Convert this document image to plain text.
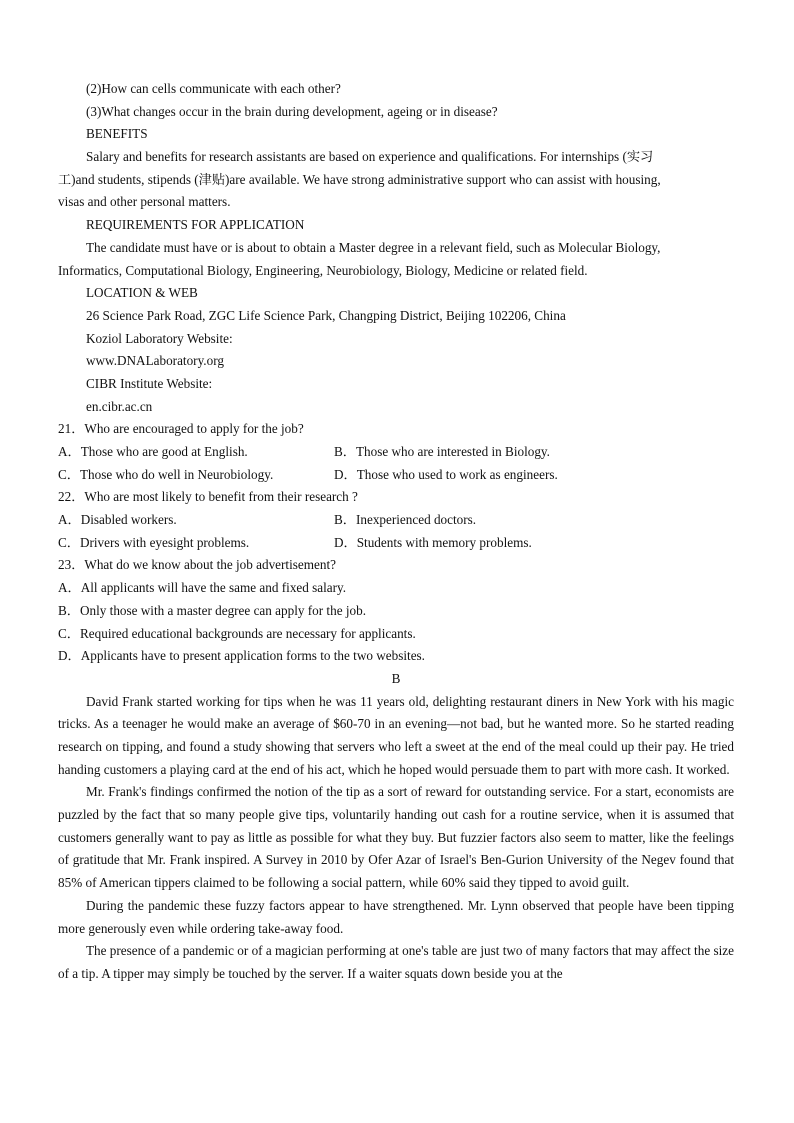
(2)How can cells communicate with each other?
(3)What changes occur in the brain during development, ageing or in disease?
BENEFITS
Salary and benefits for research assistants are based on experience and qualifications. For internships (实习
工)and students, stipends (津贴)are available. We have strong administrative support who can assist with housing,
visas and other personal matters.
REQUIREMENTS FOR APPLICATION
The candidate must have or is about to obtain a Master degree in a relevant field, such as Molecular Biology,
Informatics, Computational Biology, Engineering, Neurobiology, Biology, Medicine or related field.
LOCATION & WEB
26 Science Park Road, ZGC Life Science Park, Changping District, Beijing 102206, China
Koziol Laboratory Website:
www.DNALaboratory.org
CIBR Institute Website:
en.cibr.ac.cn
21．Who are encouraged to apply for the job?
A．Those who are good at English.	B．Those who are interested in Biology.
C．Those who do well in Neurobiology.	D．Those who used to work as engineers.
22．Who are most likely to benefit from their research ?
A．Disabled workers.	B．Inexperienced doctors.
C．Drivers with eyesight problems.	D．Students with memory problems.
23．What do we know about the job advertisement?
A．All applicants will have the same and fixed salary.
B．Only those with a master degree can apply for the job.
C．Required educational backgrounds are necessary for applicants.
D．Applicants have to present application forms to the two websites.
B
David Frank started working for tips when he was 11 years old, delighting restaurant diners in New York with his magic tricks. As a teenager he would make an average of $60-70 in an evening—not bad, but he wanted more. So he started reading research on tipping, and found a study showing that servers who left a sweet at the end of the meal could up their pay. He tried handing customers a playing card at the end of his act, which he hoped would persuade them to part with more cash. It worked.
Mr. Frank's findings confirmed the notion of the tip as a sort of reward for outstanding service. For a start, economists are puzzled by the fact that so many people give tips, voluntarily handing out cash for a routine service, when it is assumed that customers generally want to pay as little as possible for what they buy. But fuzzier factors also seem to matter, like the feelings of gratitude that Mr. Frank inspired. A Survey in 2010 by Ofer Azar of Israel's Ben-Gurion University of the Negev found that 85% of American tippers claimed to be following a social pattern, while 60% said they tipped to avoid guilt.
During the pandemic these fuzzy factors appear to have strengthened. Mr. Lynn observed that people have been tipping more generously even while ordering take-away food.
The presence of a pandemic or of a magician performing at one's table are just two of many factors that may affect the size of a tip. A tipper may simply be touched by the server. If a waiter squats down beside you at the
